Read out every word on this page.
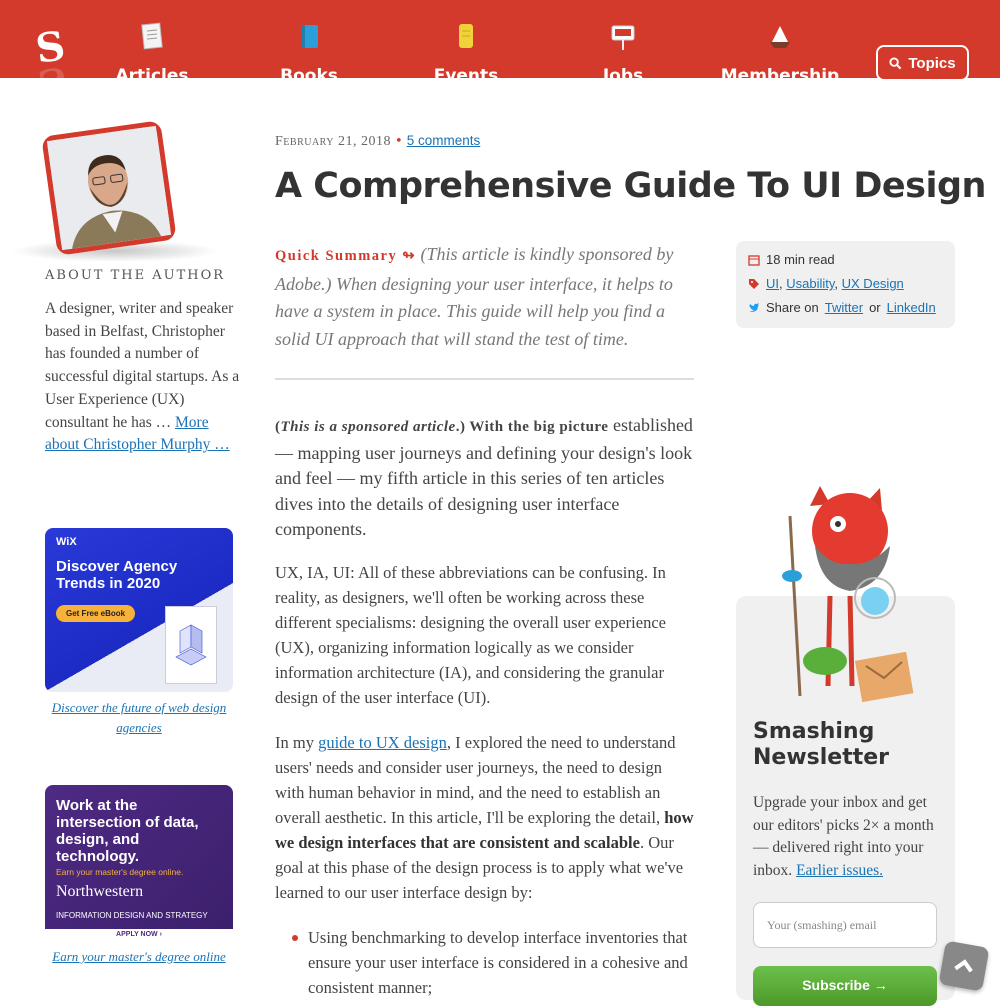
S
S	Articles	Books	Events	Jobs	Membership
Topics
ABOUT THE AUTHOR
A designer, writer and speaker based in Belfast, Christopher has founded a number of successful digital startups. As a User Experience (UX) consultant he has … More about Christopher Murphy …
WiX
Discover Agency Trends in 2020
Get Free eBook
Discover the future of web design agencies
Work at the intersection of data, design, and technology.
Earn your master's degree online.
Northwestern
INFORMATION DESIGN AND STRATEGY
APPLY NOW ›
Earn your master's degree online
February 21, 2018 • 5 comments
A Comprehensive Guide To UI Design
Quick Summary ↬ (This article is kindly sponsored by Adobe.) When designing your user interface, it helps to have a system in place. This guide will help you find a solid UI approach that will stand the test of time.

(This is a sponsored article.) With the big picture established — mapping user journeys and defining your design's look and feel — my fifth article in this series of ten articles dives into the details of designing user interface components.

UX, IA, UI: All of these abbreviations can be confusing. In reality, as designers, we'll often be working across these different specialisms: designing the overall user experience (UX), organizing information logically as we consider information architecture (IA), and considering the granular design of the user interface (UI).

In my guide to UX design, I explored the need to understand users' needs and consider user journeys, the need to design with human behavior in mind, and the need to establish an overall aesthetic. In this article, I'll be exploring the detail, how we design interfaces that are consistent and scalable. Our goal at this phase of the design process is to apply what we've learned to our user interface design by:

Using benchmarking to develop interface inventories that ensure your user interface is considered in a cohesive and consistent manner;
18 min read
UI, Usability, UX Design
Share on Twitter or LinkedIn
Smashing Newsletter
Upgrade your inbox and get our editors' picks 2× a month — delivered right into your inbox. Earlier issues.
Your (smashing) email
Subscribe →
